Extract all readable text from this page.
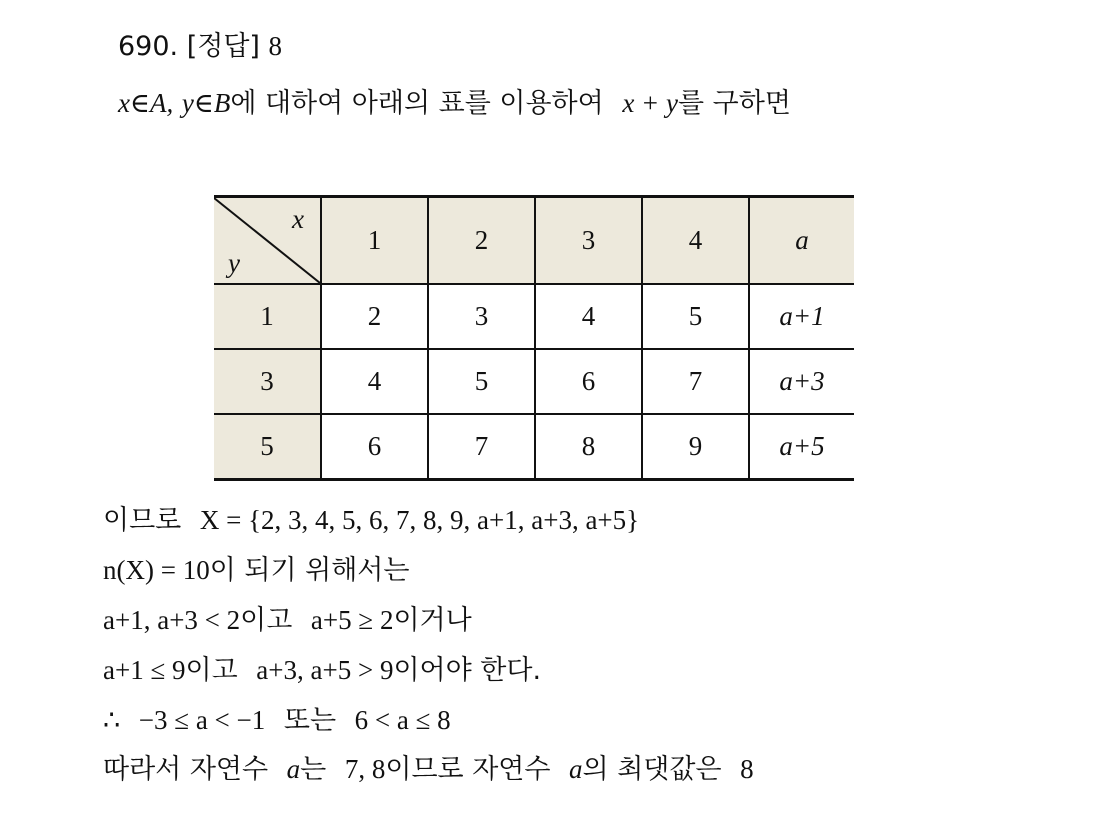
690. [정답] 8
x∈A, y∈B에 대하여 아래의 표를 이용하여 x + y를 구하면
x
y	1	2	3	4	a
1	2	3	4	5	a+1
3	4	5	6	7	a+3
5	6	7	8	9	a+5
이므로 X = {2, 3, 4, 5, 6, 7, 8, 9, a+1, a+3, a+5}
n(X) = 10이 되기 위해서는
a+1, a+3 < 2이고 a+5 ≥ 2이거나
a+1 ≤ 9이고 a+3, a+5 > 9이어야 한다.
∴ −3 ≤ a < −1 또는 6 < a ≤ 8
따라서 자연수 a는 7, 8이므로 자연수 a의 최댓값은 8
